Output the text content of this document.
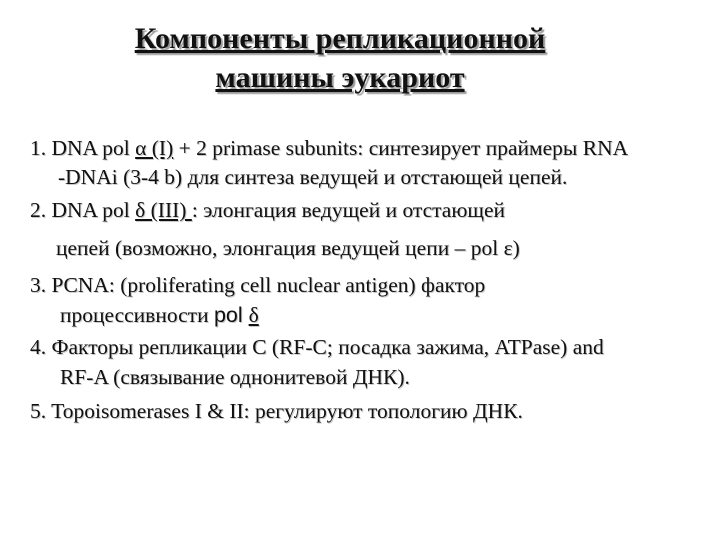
Компоненты репликационной
машины эукариот
1. DNA pol α (I) + 2 primase subunits: синтезирует праймеры RNA
-DNAi (3-4 b) для синтеза ведущей и отстающей цепей.
2. DNA pol δ (III) : элонгация ведущей и отстающей
цепей (возможно, элонгация ведущей цепи – pol ε)
3. PCNA: (proliferating cell nuclear antigen) фактор
процессивности pol δ
4. Факторы репликации С (RF-C; посадка зажима, ATPase) and
RF-A (связывание однонитевой ДНК).
5. Topoisomerases I & II: регулируют топологию ДНК.
